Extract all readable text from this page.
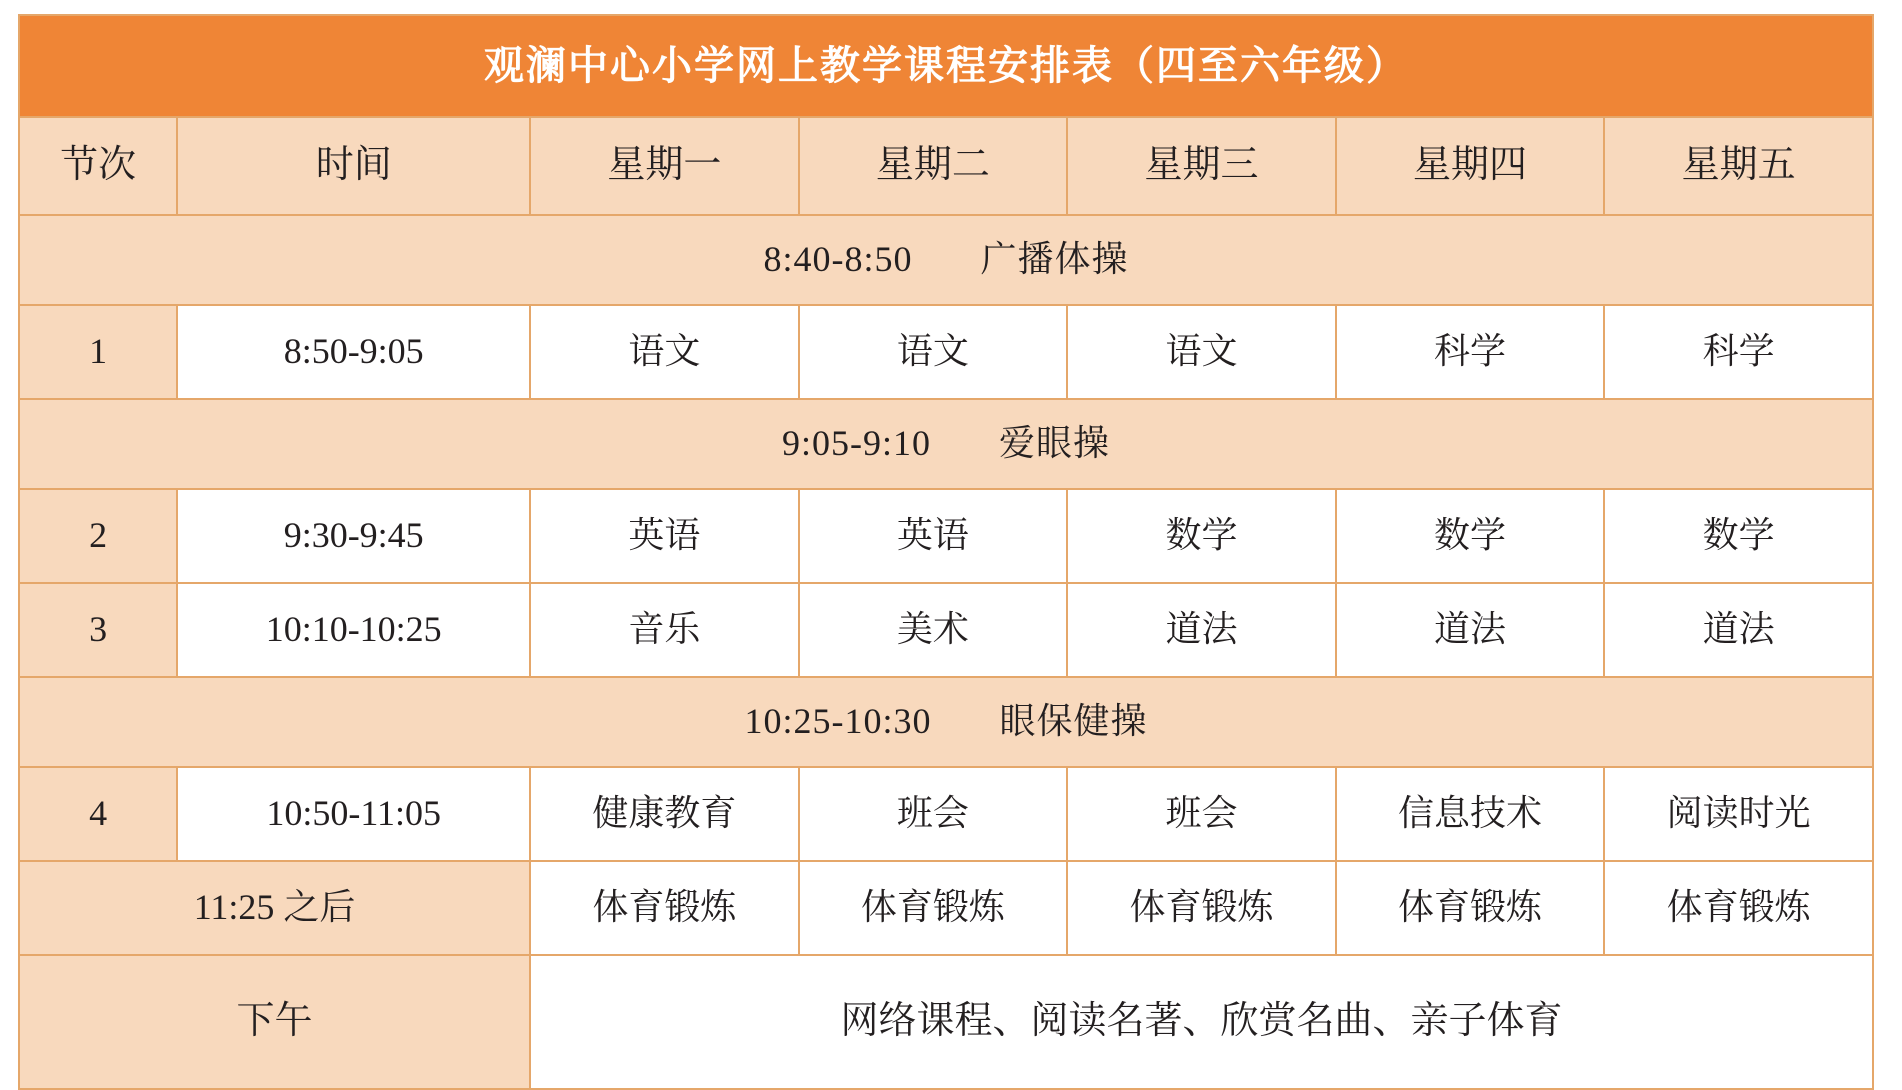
观澜中心小学网上教学课程安排表（四至六年级）						
节次	时间	星期一	星期二	星期三	星期四	星期五
8:40-8:50 广播体操						
1	8:50-9:05	语文	语文	语文	科学	科学
9:05-9:10 爱眼操						
2	9:30-9:45	英语	英语	数学	数学	数学
3	10:10-10:25	音乐	美术	道法	道法	道法
10:25-10:30 眼保健操						
4	10:50-11:05	健康教育	班会	班会	信息技术	阅读时光
11:25 之后		体育锻炼	体育锻炼	体育锻炼	体育锻炼	体育锻炼
下午		网络课程、阅读名著、欣赏名曲、亲子体育				
